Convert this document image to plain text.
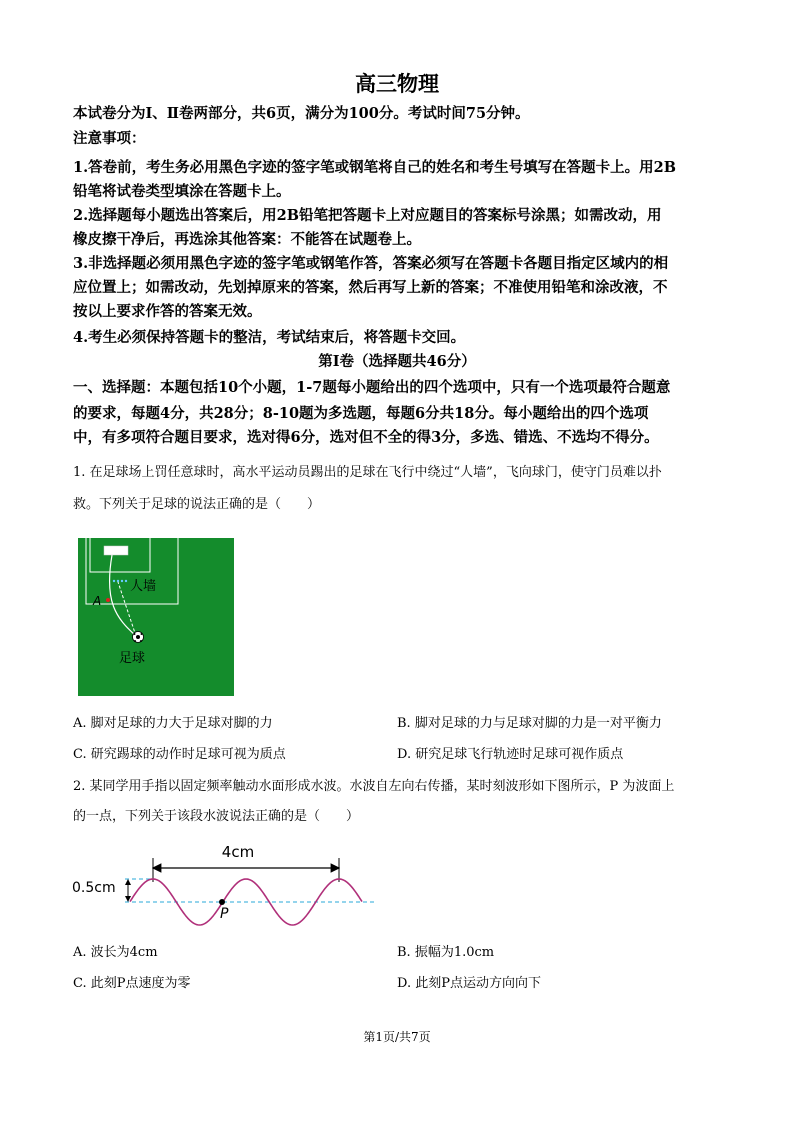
高三物理
本试卷分为Ⅰ、Ⅱ卷两部分，共6页，满分为100分。考试时间75分钟。
注意事项：
1.答卷前，考生务必用黑色字迹的签字笔或钢笔将自己的姓名和考生号填写在答题卡上。用2B
铅笔将试卷类型填涂在答题卡上。
2.选择题每小题选出答案后，用2B铅笔把答题卡上对应题目的答案标号涂黑；如需改动，用
橡皮擦干净后，再选涂其他答案：不能答在试题卷上。
3.非选择题必须用黑色字迹的签字笔或钢笔作答，答案必须写在答题卡各题目指定区域内的相
应位置上；如需改动，先划掉原来的答案，然后再写上新的答案；不准使用铅笔和涂改液，不
按以上要求作答的答案无效。
4.考生必须保持答题卡的整洁，考试结束后，将答题卡交回。
第Ⅰ卷（选择题共46分）
一、选择题：本题包括10个小题，1-7题每小题给出的四个选项中，只有一个选项最符合题意
的要求，每题4分，共28分；8-10题为多选题，每题6分共18分。每小题给出的四个选项
中，有多项符合题目要求，选对得6分，选对但不全的得3分，多选、错选、不选均不得分。
1. 在足球场上罚任意球时，高水平运动员踢出的足球在飞行中绕过“人墙”，飞向球门，使守门员难以扑
救。下列关于足球的说法正确的是（　　）
人墙
A
足球
A. 脚对足球的力大于足球对脚的力	B. 脚对足球的力与足球对脚的力是一对平衡力
C. 研究踢球的动作时足球可视为质点	D. 研究足球飞行轨迹时足球可视作质点
2. 某同学用手指以固定频率触动水面形成水波。水波自左向右传播，某时刻波形如下图所示，P 为波面上
的一点，下列关于该段水波说法正确的是（　　）
4cm
0.5cm
P
A. 波长为4cm	B. 振幅为1.0cm
C. 此刻P点速度为零	D. 此刻P点运动方向向下
第1页/共7页
